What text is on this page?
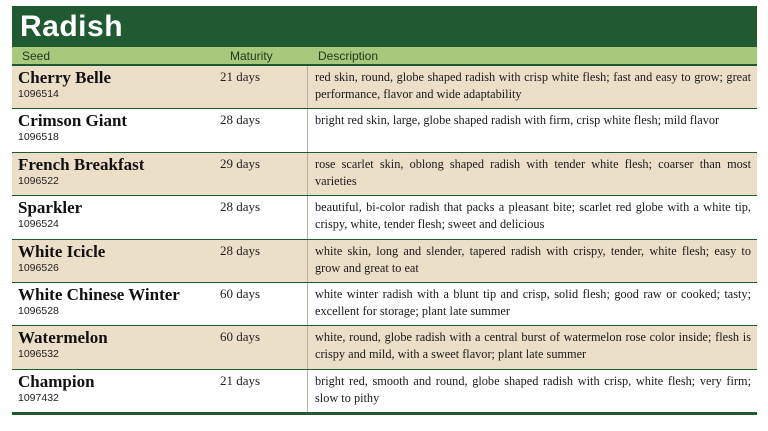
Radish
Seed	Maturity	Description
Cherry Belle
1096514
21 days	red skin, round, globe shaped radish with crisp white flesh; fast and easy to grow; great performance, flavor and wide adaptability
Crimson Giant
1096518
28 days	bright red skin, large, globe shaped radish with firm, crisp white flesh; mild flavor
French Breakfast
1096522
29 days	rose scarlet skin, oblong shaped radish with tender white flesh; coarser than most varieties
Sparkler
1096524
28 days	beautiful, bi-color radish that packs a pleasant bite; scarlet red globe with a white tip, crispy, white, tender flesh; sweet and delicious
White Icicle
1096526
28 days	white skin, long and slender, tapered radish with crispy, tender, white flesh; easy to grow and great to eat
White Chinese Winter
1096528
60 days	white winter radish with a blunt tip and crisp, solid flesh; good raw or cooked; tasty; excellent for storage; plant late summer
Watermelon
1096532
60 days	white, round, globe radish with a central burst of watermelon rose color inside; flesh is crispy and mild, with a sweet flavor; plant late summer
Champion
1097432
21 days	bright red, smooth and round, globe shaped radish with crisp, white flesh; very firm; slow to pithy
